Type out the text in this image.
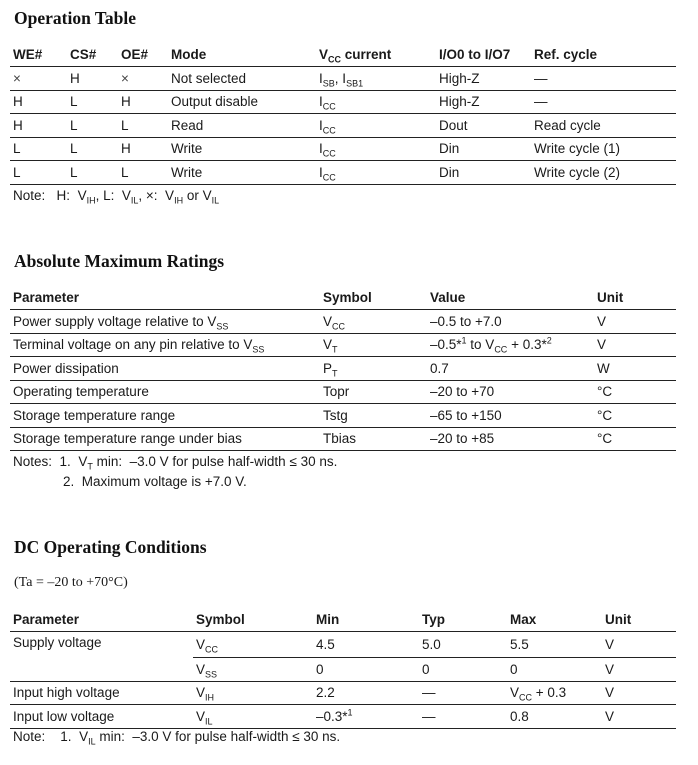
Operation Table
WE#	CS#	OE#	Mode	$V_{CC}$ current	I/O0 to I/O7	Ref. cycle
×	H	×	Not selected	$I_{SB}$, $I_{SB1}$	High-Z	—
H	L	H	Output disable	$I_{CC}$	High-Z	—
H	L	L	Read	$I_{CC}$	Dout	Read cycle
L	L	H	Write	$I_{CC}$	Din	Write cycle (1)
L	L	L	Write	$I_{CC}$	Din	Write cycle (2)
Note: H: $V_{IH}$, L: $V_{IL}$, ×: $V_{IH}$ or $V_{IL}$
Absolute Maximum Ratings
Parameter	Symbol	Value	Unit
Power supply voltage relative to $V_{SS}$	$V_{CC}$	–0.5 to +7.0	V
Terminal voltage on any pin relative to $V_{SS}$	$V_T$	–0.5*$^1$ to $V_{CC} + 0.3*^2$	V
Power dissipation	$P_T$	0.7	W
Operating temperature	Topr	–20 to +70	°C
Storage temperature range	Tstg	–65 to +150	°C
Storage temperature range under bias	Tbias	–20 to +85	°C
Notes: 1. $V_T$ min:  –3.0 V for pulse half-width ≤ 30 ns.
2. Maximum voltage is +7.0 V.
DC Operating Conditions
(Ta = –20 to +70°C)
Parameter	Symbol	Min	Typ	Max	Unit
Supply voltage	$V_{CC}$	4.5	5.0	5.5	V
	$V_{SS}$	0	0	0	V
Input high voltage	$V_{IH}$	2.2	—	$V_{CC} + 0.3$	V
Input low voltage	$V_{IL}$	–0.3*$^1$	—	0.8	V
Note: 1. $V_{IL}$ min:  –3.0 V for pulse half-width ≤ 30 ns.
